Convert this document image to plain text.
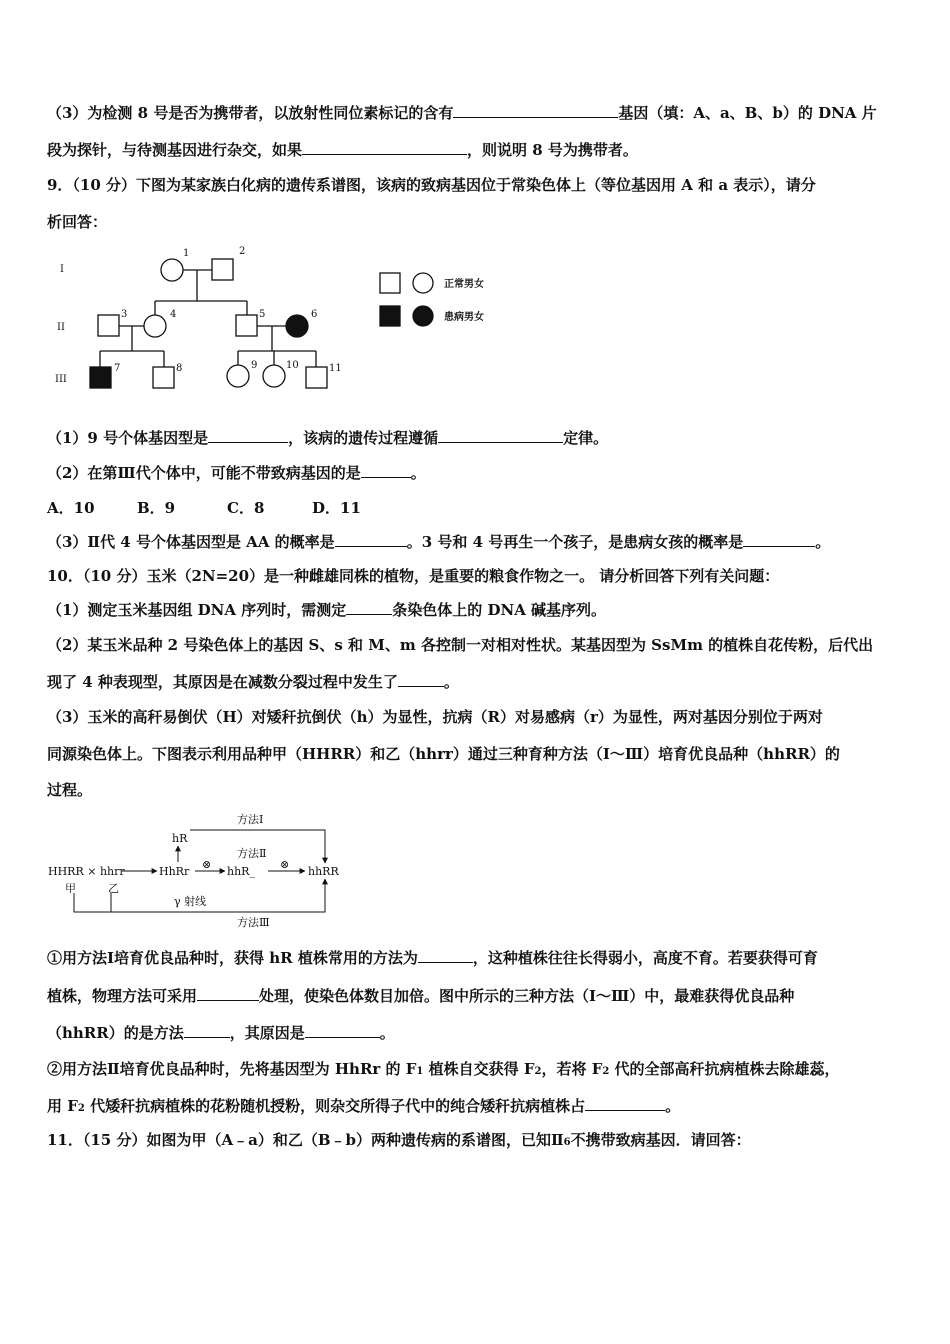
（3）为检测 8 号是否为携带者，以放射性同位素标记的含有	基因（填：A、a、B、b）的 DNA 片
段为探针，与待测基因进行杂交，如果	，则说明 8 号为携带者。
9．（10 分）下图为某家族白化病的遗传系谱图，该病的致病基因位于常染色体上（等位基因用 A 和 a 表示），请分
析回答：
I
II
III
1	2
3	4	5	6
7	8	9	10	11
正常男女
患病男女
（1）9 号个体基因型是	，该病的遗传过程遵循	定律。
（2）在第Ⅲ代个体中，可能不带致病基因的是	。
A．10	B．9	C．8	D．11
（3）Ⅱ代 4 号个体基因型是 AA 的概率是	。3 号和 4 号再生一个孩子，是患病女孩的概率是	。
10．（10 分）玉米（2N=20）是一种雌雄同株的植物，是重要的粮食作物之一。 请分析回答下列有关问题：
（1）测定玉米基因组 DNA 序列时，需测定	条染色体上的 DNA 碱基序列。
（2）某玉米品种 2 号染色体上的基因 S、s 和 M、m 各控制一对相对性状。某基因型为 SsMm 的植株自花传粉，后代出
现了 4 种表现型，其原因是在减数分裂过程中发生了	。
（3）玉米的高秆易倒伏（H）对矮秆抗倒伏（h）为显性，抗病（R）对易感病（r）为显性，两对基因分别位于两对
同源染色体上。下图表示利用品种甲（HHRR）和乙（hhrr）通过三种育种方法（Ⅰ～Ⅲ）培育优良品种（hhRR）的
过程。
HHRR × hhrr
甲	乙
HhRr
hR
hhR_	hhRR
方法Ⅰ
方法Ⅱ
方法Ⅲ
γ 射线
⊗	⊗
①用方法Ⅰ培育优良品种时，获得 hR 植株常用的方法为	，这种植株往往长得弱小，高度不育。若要获得可育
植株，物理方法可采用	处理，使染色体数目加倍。图中所示的三种方法（Ⅰ～Ⅲ）中，最难获得优良品种
（hhRR）的是方法	，其原因是	。
②用方法Ⅱ培育优良品种时，先将基因型为 HhRr 的 F1 植株自交获得 F2，若将 F2 代的全部高秆抗病植株去除雄蕊，
用 F2 代矮秆抗病植株的花粉随机授粉，则杂交所得子代中的纯合矮秆抗病植株占	。
11．（15 分）如图为甲（A﹣a）和乙（B﹣b）两种遗传病的系谱图，已知Ⅱ6不携带致病基因．请回答：
